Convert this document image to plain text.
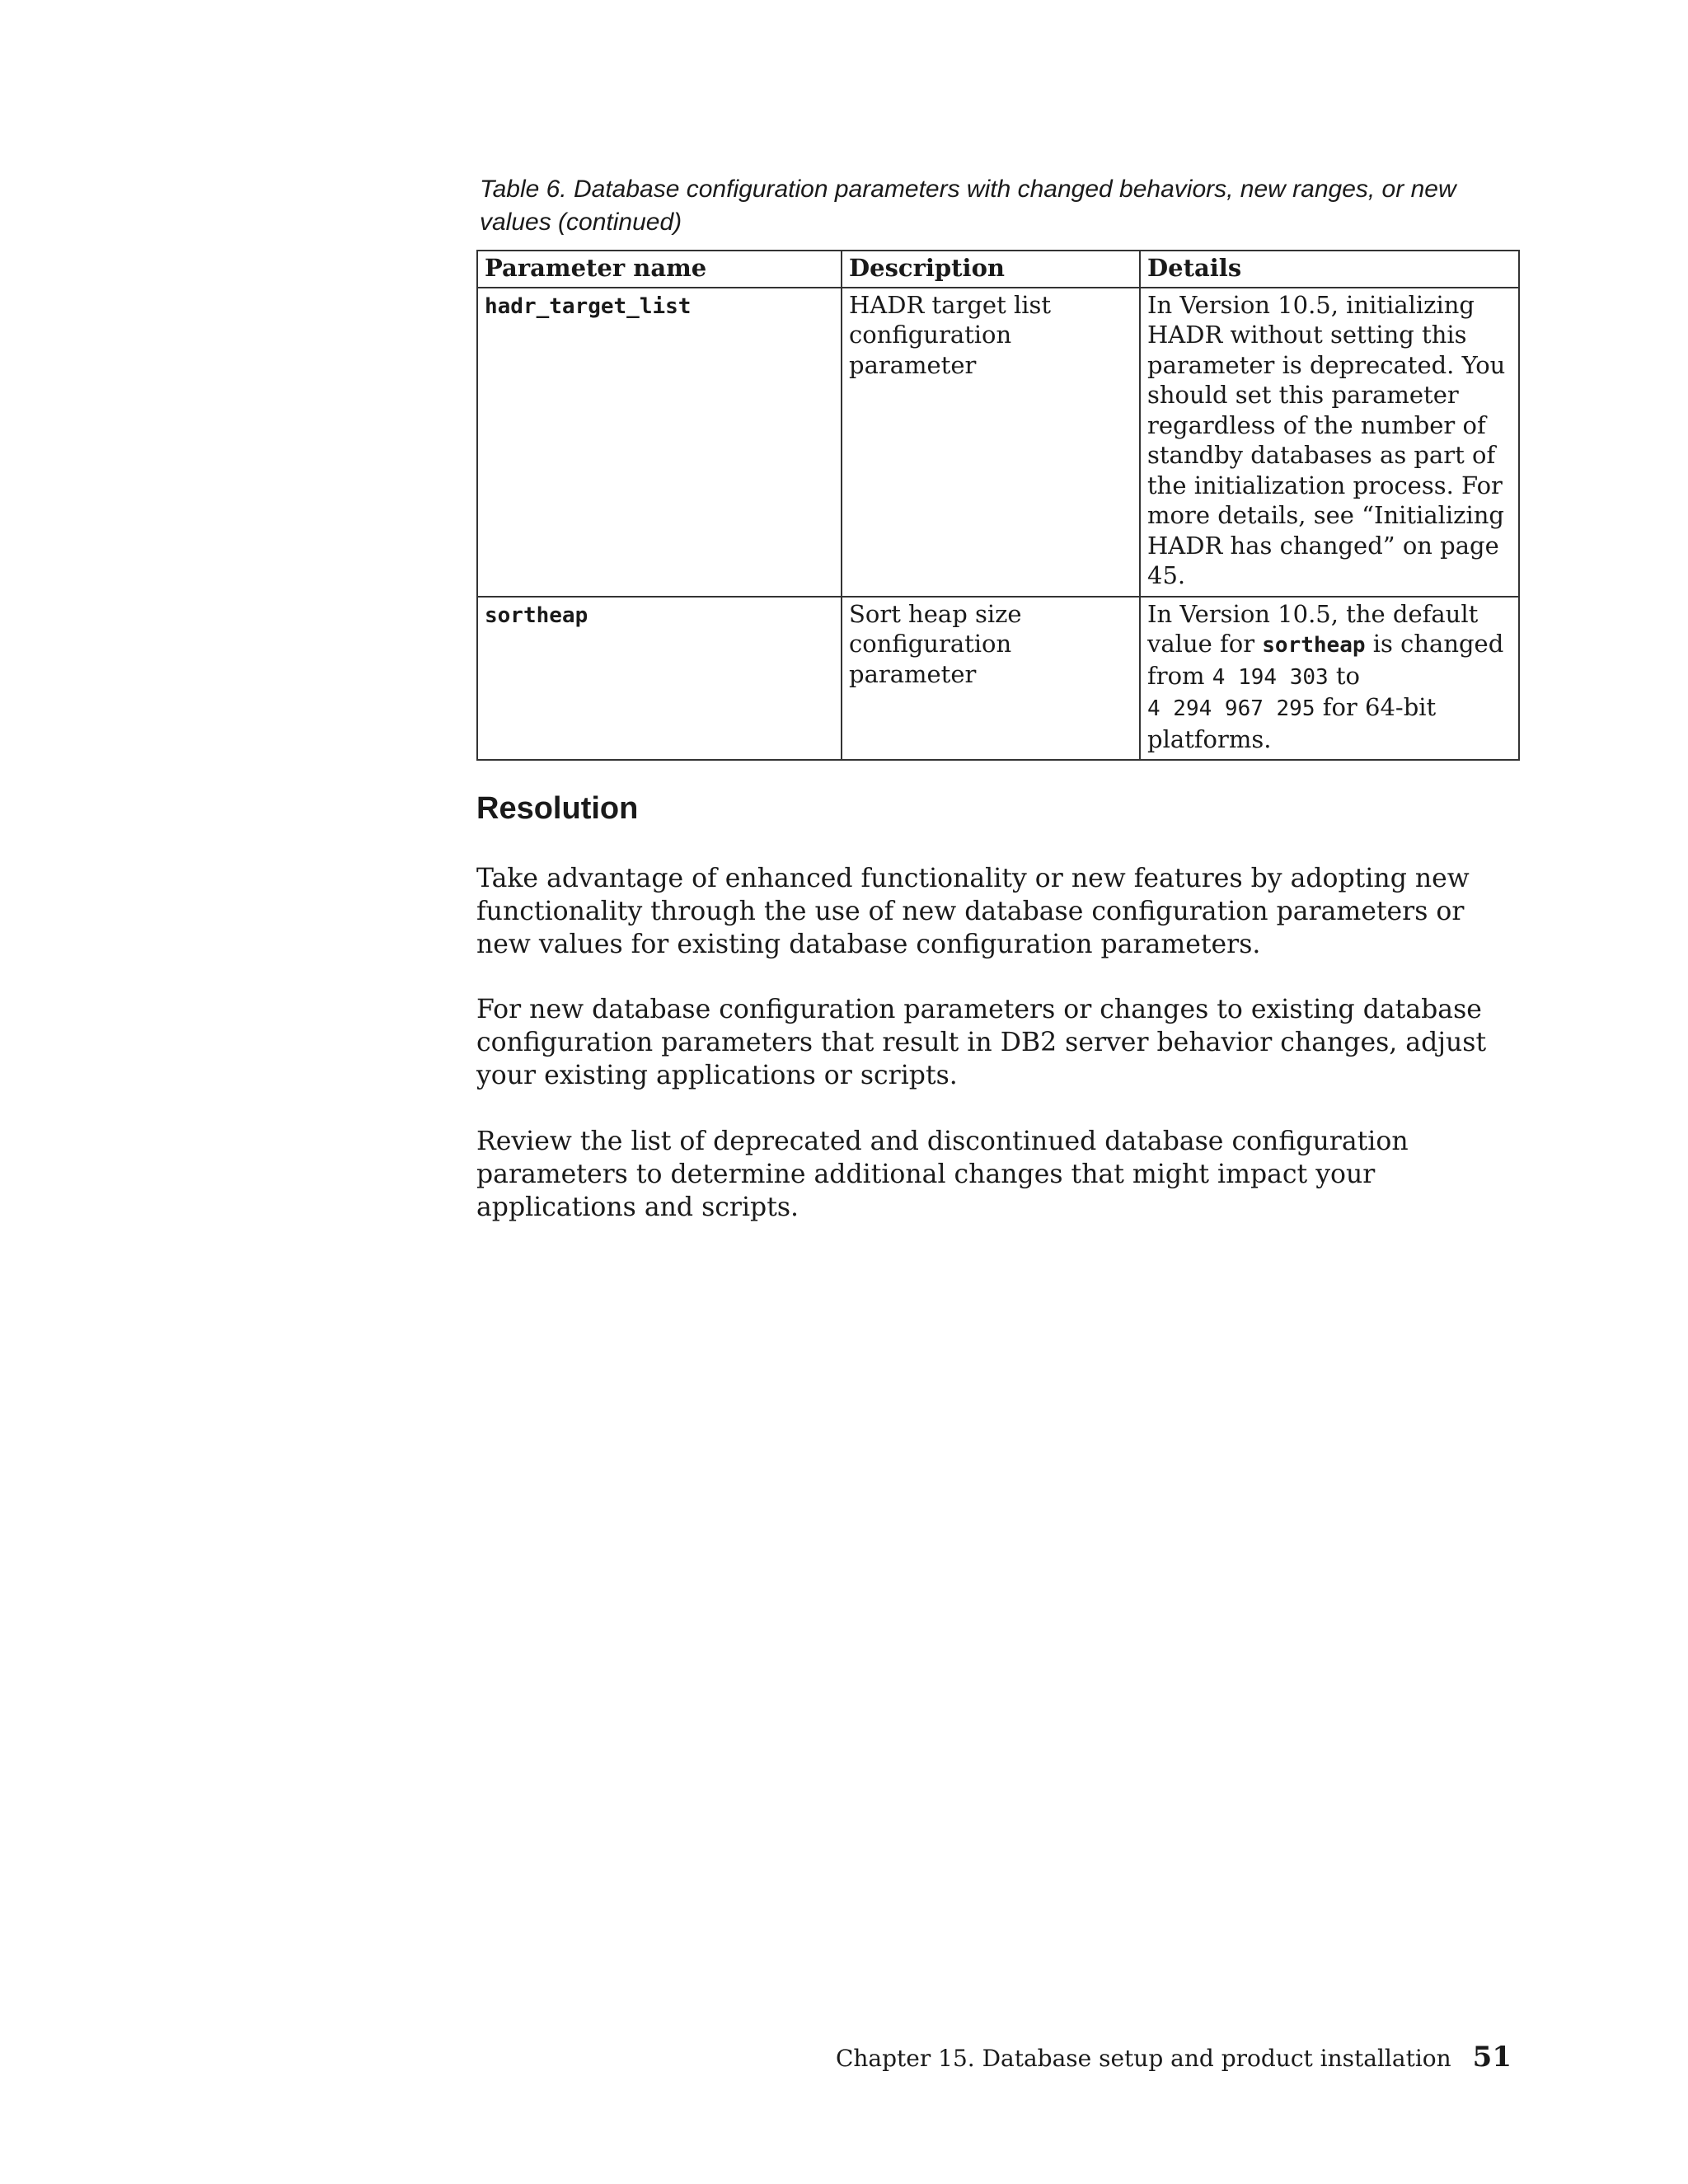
Table 6. Database configuration parameters with changed behaviors, new ranges, or new values (continued)
Parameter name	Description	Details
hadr_target_list	HADR target list configuration parameter	In Version 10.5, initializing HADR without setting this parameter is deprecated. You should set this parameter regardless of the number of standby databases as part of the initialization process. For more details, see “Initializing HADR has changed” on page 45.
sortheap	Sort heap size configuration parameter	In Version 10.5, the default value for sortheap is changed from 4 194 303 to
4 294 967 295 for 64-bit platforms.
Resolution

Take advantage of enhanced functionality or new features by adopting new functionality through the use of new database configuration parameters or new values for existing database configuration parameters.

For new database configuration parameters or changes to existing database configuration parameters that result in DB2 server behavior changes, adjust your existing applications or scripts.

Review the list of deprecated and discontinued database configuration parameters to determine additional changes that might impact your applications and scripts.

Chapter 15. Database setup and product installation 51
